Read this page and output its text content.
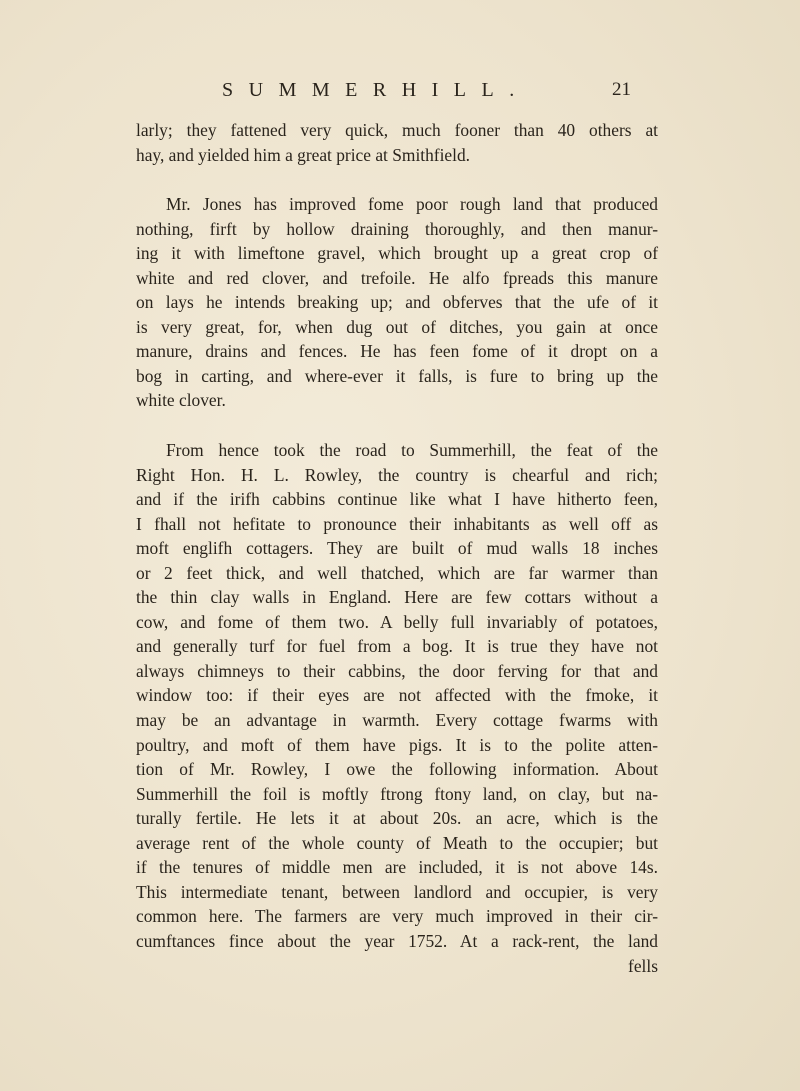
SUMMERHILL.	21
larly; they fattened very quick, much fooner than 40 others at
hay, and yielded him a great price at Smithfield.
Mr. Jones has improved fome poor rough land that produced
nothing, firft by hollow draining thoroughly, and then manur-
ing it with limeftone gravel, which brought up a great crop of
white and red clover, and trefoile. He alfo fpreads this manure
on lays he intends breaking up; and obferves that the ufe of it
is very great, for, when dug out of ditches, you gain at once
manure, drains and fences. He has feen fome of it dropt on a
bog in carting, and where-ever it falls, is fure to bring up the
white clover.
From hence took the road to Summerhill, the feat of the
Right Hon. H. L. Rowley, the country is chearful and rich;
and if the irifh cabbins continue like what I have hitherto feen,
I fhall not hefitate to pronounce their inhabitants as well off as
moft englifh cottagers. They are built of mud walls 18 inches
or 2 feet thick, and well thatched, which are far warmer than
the thin clay walls in England. Here are few cottars without a
cow, and fome of them two. A belly full invariably of potatoes,
and generally turf for fuel from a bog. It is true they have not
always chimneys to their cabbins, the door ferving for that and
window too: if their eyes are not affected with the fmoke, it
may be an advantage in warmth. Every cottage fwarms with
poultry, and moft of them have pigs. It is to the polite atten-
tion of Mr. Rowley, I owe the following information. About
Summerhill the foil is moftly ftrong ftony land, on clay, but na-
turally fertile. He lets it at about 20s. an acre, which is the
average rent of the whole county of Meath to the occupier; but
if the tenures of middle men are included, it is not above 14s.
This intermediate tenant, between landlord and occupier, is very
common here. The farmers are very much improved in their cir-
cumftances fince about the year 1752. At a rack-rent, the land
fells
